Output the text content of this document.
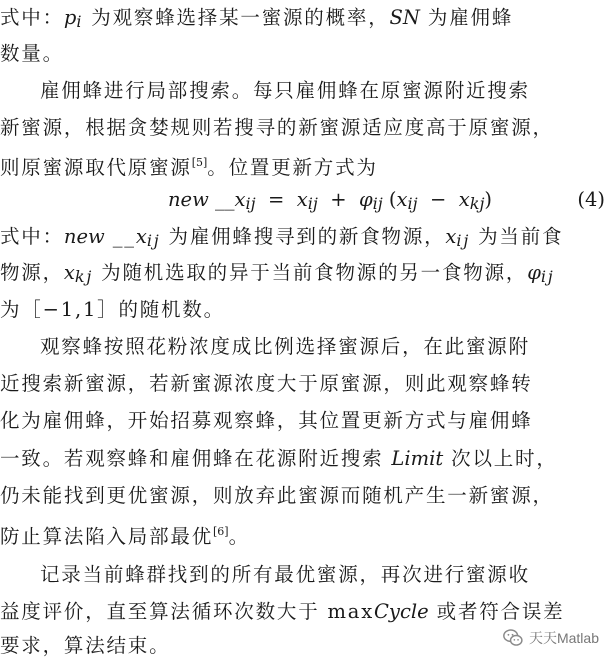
式中：pi 为观察蜂选择某一蜜源的概率，SN 为雇佣蜂
数量。
雇佣蜂进行局部搜索。每只雇佣蜂在原蜜源附近搜索
新蜜源，根据贪婪规则若搜寻的新蜜源适应度高于原蜜源，
则原蜜源取代原蜜源[5]。位置更新方式为
new __xij = xij + φij (xij − xkj)	(4)
式中：new __xij 为雇佣蜂搜寻到的新食物源，xij 为当前食
物源，xkj 为随机选取的异于当前食物源的另一食物源，φij
为［−1,1］的随机数。
观察蜂按照花粉浓度成比例选择蜜源后，在此蜜源附
近搜索新蜜源，若新蜜源浓度大于原蜜源，则此观察蜂转
化为雇佣蜂，开始招募观察蜂，其位置更新方式与雇佣蜂
一致。若观察蜂和雇佣蜂在花源附近搜索 Limit 次以上时，
仍未能找到更优蜜源，则放弃此蜜源而随机产生一新蜜源，
防止算法陷入局部最优[6]。
记录当前蜂群找到的所有最优蜜源，再次进行蜜源收
益度评价，直至算法循环次数大于 maxCycle 或者符合误差
要求，算法结束。	天天Matlab
